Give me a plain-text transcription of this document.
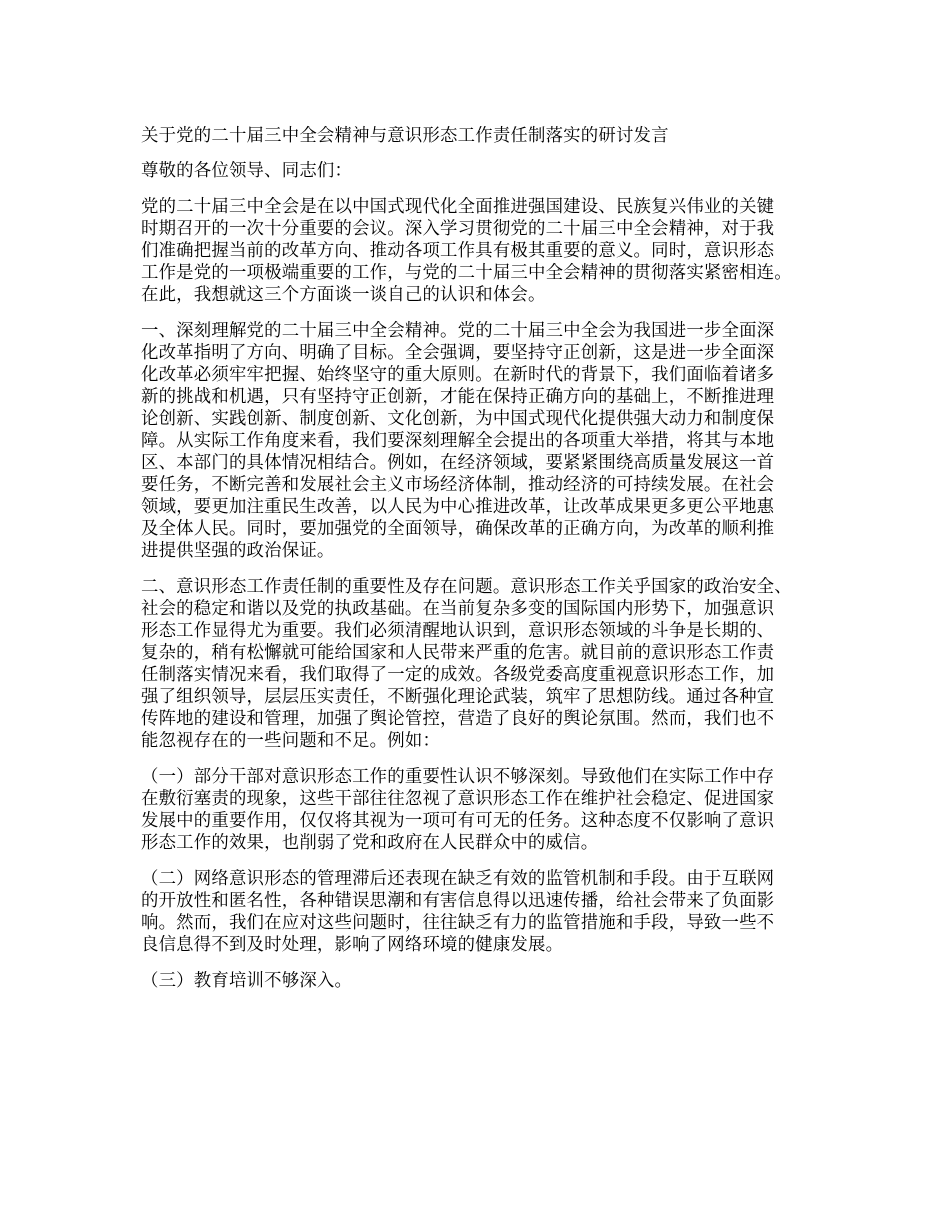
关于党的二十届三中全会精神与意识形态工作责任制落实的研讨发言
尊敬的各位领导、同志们：
党的二十届三中全会是在以中国式现代化全面推进强国建设、民族复兴伟业的关键
时期召开的一次十分重要的会议。深入学习贯彻党的二十届三中全会精神，对于我
们准确把握当前的改革方向、推动各项工作具有极其重要的意义。同时，意识形态
工作是党的一项极端重要的工作，与党的二十届三中全会精神的贯彻落实紧密相连。
在此，我想就这三个方面谈一谈自己的认识和体会。
一、深刻理解党的二十届三中全会精神。党的二十届三中全会为我国进一步全面深
化改革指明了方向、明确了目标。全会强调，要坚持守正创新，这是进一步全面深
化改革必须牢牢把握、始终坚守的重大原则。在新时代的背景下，我们面临着诸多
新的挑战和机遇，只有坚持守正创新，才能在保持正确方向的基础上，不断推进理
论创新、实践创新、制度创新、文化创新，为中国式现代化提供强大动力和制度保
障。从实际工作角度来看，我们要深刻理解全会提出的各项重大举措，将其与本地
区、本部门的具体情况相结合。例如，在经济领域，要紧紧围绕高质量发展这一首
要任务，不断完善和发展社会主义市场经济体制，推动经济的可持续发展。在社会
领域，要更加注重民生改善，以人民为中心推进改革，让改革成果更多更公平地惠
及全体人民。同时，要加强党的全面领导，确保改革的正确方向，为改革的顺利推
进提供坚强的政治保证。
二、意识形态工作责任制的重要性及存在问题。意识形态工作关乎国家的政治安全、
社会的稳定和谐以及党的执政基础。在当前复杂多变的国际国内形势下，加强意识
形态工作显得尤为重要。我们必须清醒地认识到，意识形态领域的斗争是长期的、
复杂的，稍有松懈就可能给国家和人民带来严重的危害。就目前的意识形态工作责
任制落实情况来看，我们取得了一定的成效。各级党委高度重视意识形态工作，加
强了组织领导，层层压实责任，不断强化理论武装，筑牢了思想防线。通过各种宣
传阵地的建设和管理，加强了舆论管控，营造了良好的舆论氛围。然而，我们也不
能忽视存在的一些问题和不足。例如：
（一）部分干部对意识形态工作的重要性认识不够深刻。导致他们在实际工作中存
在敷衍塞责的现象，这些干部往往忽视了意识形态工作在维护社会稳定、促进国家
发展中的重要作用，仅仅将其视为一项可有可无的任务。这种态度不仅影响了意识
形态工作的效果，也削弱了党和政府在人民群众中的威信。
（二）网络意识形态的管理滞后还表现在缺乏有效的监管机制和手段。由于互联网
的开放性和匿名性，各种错误思潮和有害信息得以迅速传播，给社会带来了负面影
响。然而，我们在应对这些问题时，往往缺乏有力的监管措施和手段，导致一些不
良信息得不到及时处理，影响了网络环境的健康发展。
（三）教育培训不够深入。
